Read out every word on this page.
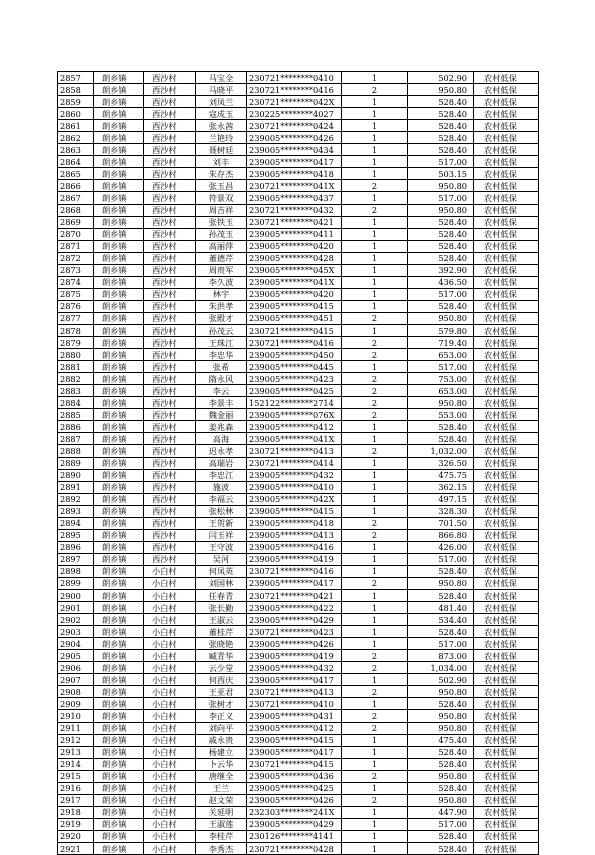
2857	朗乡镇	西沙村	马宝全	230721********0410	1	502.90	农村低保
2858	朗乡镇	西沙村	马晓平	230721********0416	2	950.80	农村低保
2859	朗乡镇	西沙村	刘凤兰	230721********042X	1	528.40	农村低保
2860	朗乡镇	西沙村	寇成玉	230225********4027	1	528.40	农村低保
2861	朗乡镇	西沙村	张永茜	230721********0424	1	528.40	农村低保
2862	朗乡镇	西沙村	兰艳玲	239005********0426	1	528.40	农村低保
2863	朗乡镇	西沙村	聂树廷	239005********0434	1	528.40	农村低保
2864	朗乡镇	西沙村	刘丰	239005********0417	1	517.00	农村低保
2865	朗乡镇	西沙村	朱存杰	239005********0418	1	503.15	农村低保
2866	朗乡镇	西沙村	张玉昌	230721********041X	2	950.80	农村低保
2867	朗乡镇	西沙村	符景双	239005********0437	1	517.00	农村低保
2868	朗乡镇	西沙村	周吉祥	230721********0432	2	950.80	农村低保
2869	朗乡镇	西沙村	张铁玉	230721********0421	1	528.40	农村低保
2870	朗乡镇	西沙村	孙茂玉	239005********0411	1	528.40	农村低保
2871	朗乡镇	西沙村	高丽萍	239005********0420	1	528.40	农村低保
2872	朗乡镇	西沙村	董德芹	239005********0428	1	528.40	农村低保
2873	朗乡镇	西沙村	周贵军	239005********045X	1	392.90	农村低保
2874	朗乡镇	西沙村	李久波	239005********041X	1	436.50	农村低保
2875	朗乡镇	西沙村	林宇	239005********0420	1	517.00	农村低保
2876	朗乡镇	西沙村	朱洪孝	239005********0415	1	528.40	农村低保
2877	朗乡镇	西沙村	张殿才	239005********0451	2	950.80	农村低保
2878	朗乡镇	西沙村	孙茂云	230721********0415	1	579.80	农村低保
2879	朗乡镇	西沙村	王珠江	230721********0416	2	719.40	农村低保
2880	朗乡镇	西沙村	李忠华	239005********0450	2	653.00	农村低保
2881	朗乡镇	西沙村	张希	239005********0445	1	517.00	农村低保
2882	朗乡镇	西沙村	隋永风	239005********0423	2	753.00	农村低保
2883	朗乡镇	西沙村	李云	239005********0425	2	653.00	农村低保
2884	朗乡镇	西沙村	李景丰	152122********2714	2	950.80	农村低保
2885	朗乡镇	西沙村	魏金丽	239005********076X	2	553.00	农村低保
2886	朗乡镇	西沙村	姜兆森	239005********0412	1	528.40	农村低保
2887	朗乡镇	西沙村	高海	239005********041X	1	528.40	农村低保
2888	朗乡镇	西沙村	迟永孝	230721********0413	2	1,032.00	农村低保
2889	朗乡镇	西沙村	高瑞岩	230721********0414	1	326.50	农村低保
2890	朗乡镇	西沙村	李忠江	239005********0432	1	475.75	农村低保
2891	朗乡镇	西沙村	施波	239005********0410	1	362.15	农村低保
2892	朗乡镇	西沙村	李福云	239005********042X	1	497.15	农村低保
2893	朗乡镇	西沙村	张松林	239005********0415	1	328.30	农村低保
2894	朗乡镇	西沙村	王贺新	239005********0418	2	701.50	农村低保
2895	朗乡镇	西沙村	闫玉祥	239005********0413	2	866.80	农村低保
2896	朗乡镇	西沙村	王守波	239005********0416	1	426.00	农村低保
2897	朗乡镇	西沙村	吴河	239005********0419	1	517.00	农村低保
2898	朗乡镇	小白村	何凤英	230721********0416	1	528.40	农村低保
2899	朗乡镇	小白村	刘国林	239005********0417	2	950.80	农村低保
2900	朗乡镇	小白村	任春青	230721********0421	1	528.40	农村低保
2901	朗乡镇	小白村	张长勤	239005********0422	1	481.40	农村低保
2902	朗乡镇	小白村	王淑云	239005********0429	1	534.40	农村低保
2903	朗乡镇	小白村	董桂芹	230721********0423	1	528.40	农村低保
2904	朗乡镇	小白村	张晓艳	239005********0426	1	517.00	农村低保
2905	朗乡镇	小白村	臧青华	239005********0419	2	873.00	农村低保
2906	朗乡镇	小白村	云少堂	239005********0432	2	1,034.00	农村低保
2907	朗乡镇	小白村	何西庆	239005********0417	1	502.90	农村低保
2908	朗乡镇	小白村	王亚君	230721********0413	2	950.80	农村低保
2909	朗乡镇	小白村	张树才	230721********0410	1	528.40	农村低保
2910	朗乡镇	小白村	李正义	239005********0431	2	950.80	农村低保
2911	朗乡镇	小白村	刘向平	239005********0412	2	950.80	农村低保
2912	朗乡镇	小白村	戚永贵	239005********0415	1	475.40	农村低保
2913	朗乡镇	小白村	杨建立	239005********0417	1	528.40	农村低保
2914	朗乡镇	小白村	卜云华	230721********0415	1	528.40	农村低保
2915	朗乡镇	小白村	唐继全	239005********0436	2	950.80	农村低保
2916	朗乡镇	小白村	王兰	239005********0425	1	528.40	农村低保
2917	朗乡镇	小白村	赵文荣	239005********0426	2	950.80	农村低保
2918	朗乡镇	小白村	关延明	232303********241X	1	447.90	农村低保
2919	朗乡镇	小白村	王淑莲	239005********0429	1	517.00	农村低保
2920	朗乡镇	小白村	李桂芹	230126********4141	1	528.40	农村低保
2921	朗乡镇	小白村	李秀杰	230721********0428	1	528.40	农村低保
